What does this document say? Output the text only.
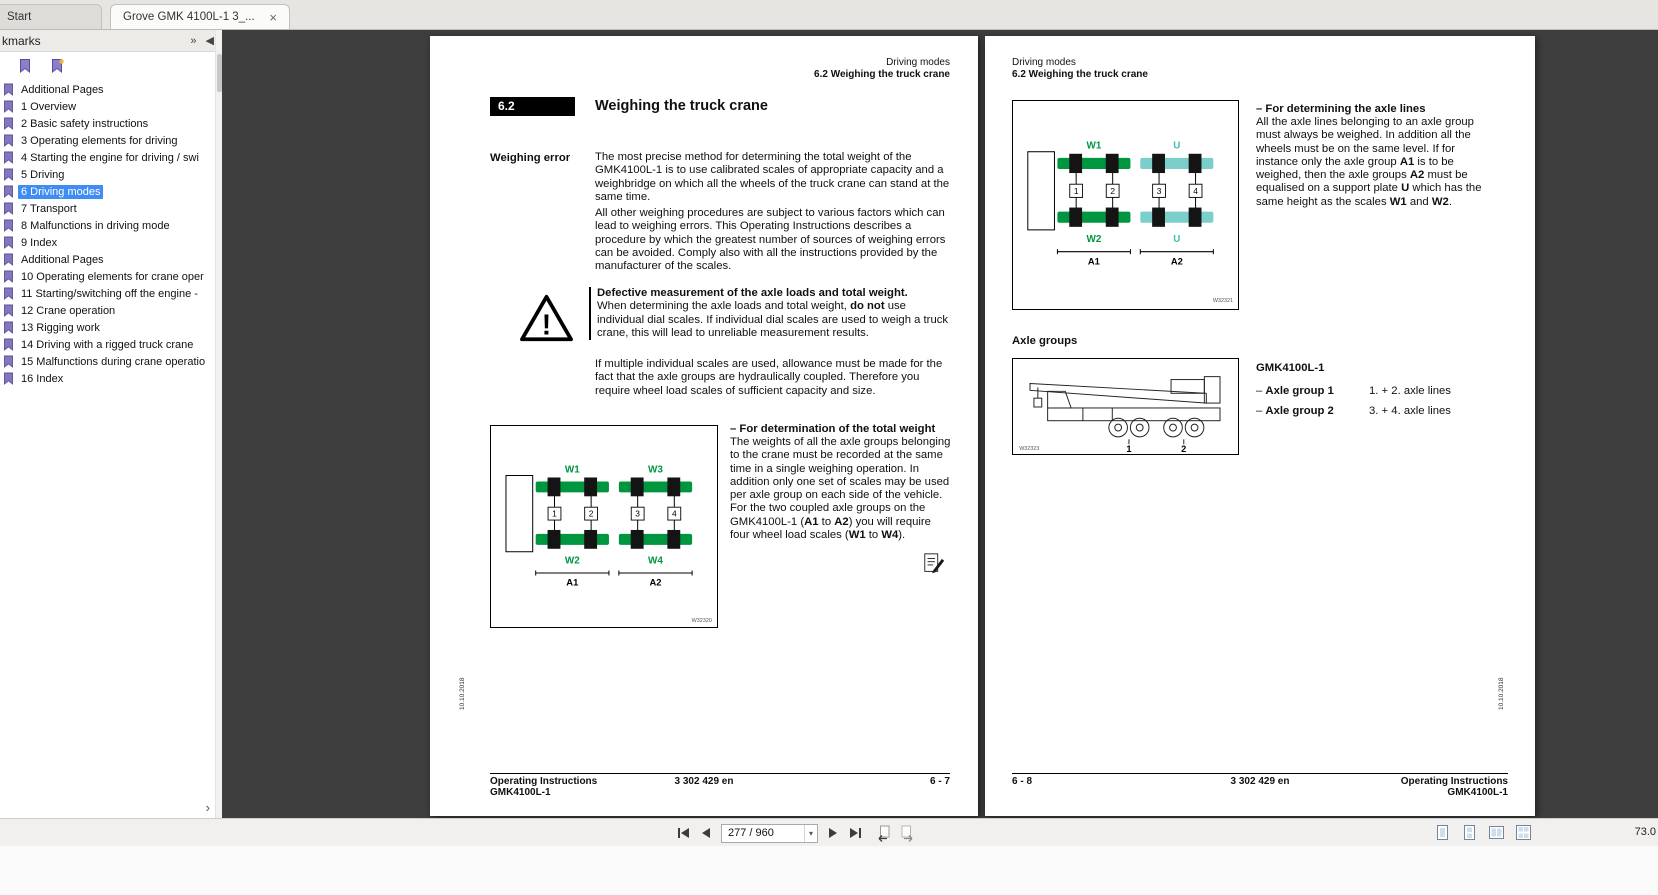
Start	Grove GMK 4100L-1 3_... ×
kmarks	» ◀
Additional Pages
1 Overview
2 Basic safety instructions
3 Operating elements for driving
4 Starting the engine for driving / swi
5 Driving
6 Driving modes
7 Transport
8 Malfunctions in driving mode
9 Index
Additional Pages
10 Operating elements for crane oper
11 Starting/switching off the engine -
12 Crane operation
13 Rigging work
14 Driving with a rigged truck crane
15 Malfunctions during crane operatio
16 Index
›
Driving modes
6.2 Weighing the truck crane
6.2	Weighing the truck crane
Weighing error The most precise method for determining the total weight of the GMK4100L-1 is to use calibrated scales of appropriate capacity and a weighbridge on which all the wheels of the truck crane can stand at the same time.
All other weighing procedures are subject to various factors which can lead to weighing errors. This Operating Instructions describes a procedure by which the greatest number of sources of weighing errors can be avoided. Comply also with all the instructions provided by the manufacturer of the scales.
!
Defective measurement of the axle loads and total weight.
When determining the axle loads and total weight, do not use individual dial scales. If individual dial scales are used to weigh a truck crane, this will lead to unreliable measurement results.
If multiple individual scales are used, allowance must be made for the fact that the axle groups are hydraulically coupled. Therefore you require wheel load scales of sufficient capacity and size.
1	2	3	4
W1	W3
W2	W4
A1	A2
W32320
– For determination of the total weight
The weights of all the axle groups belonging to the crane must be recorded at the same time in a single weighing operation. In addition only one set of scales may be used per axle group on each side of the vehicle. For the two coupled axle groups on the GMK4100L-1 (A1 to A2) you will require four wheel load scales (W1 to W4).
Operating Instructions
GMK4100L-1
3 302 429 en	6 - 7
10.10.2018
Driving modes
6.2 Weighing the truck crane
1	2	3	4
W1	U
W2	U
A1	A2
W32321
– For determining the axle lines
All the axle lines belonging to an axle group must always be weighed. In addition all the wheels must be on the same level. If for instance only the axle group A1 is to be weighed, then the axle groups A2 must be equalised on a support plate U which has the same height as the scales W1 and W2.
Axle groups
1	2
W32323
GMK4100L-1
– Axle group 1	1. + 2. axle lines
– Axle group 2	3. + 4. axle lines
6 - 8	3 302 429 en	Operating Instructions
GMK4100L-1
10.10.2018
277 / 960	▾	73.0
